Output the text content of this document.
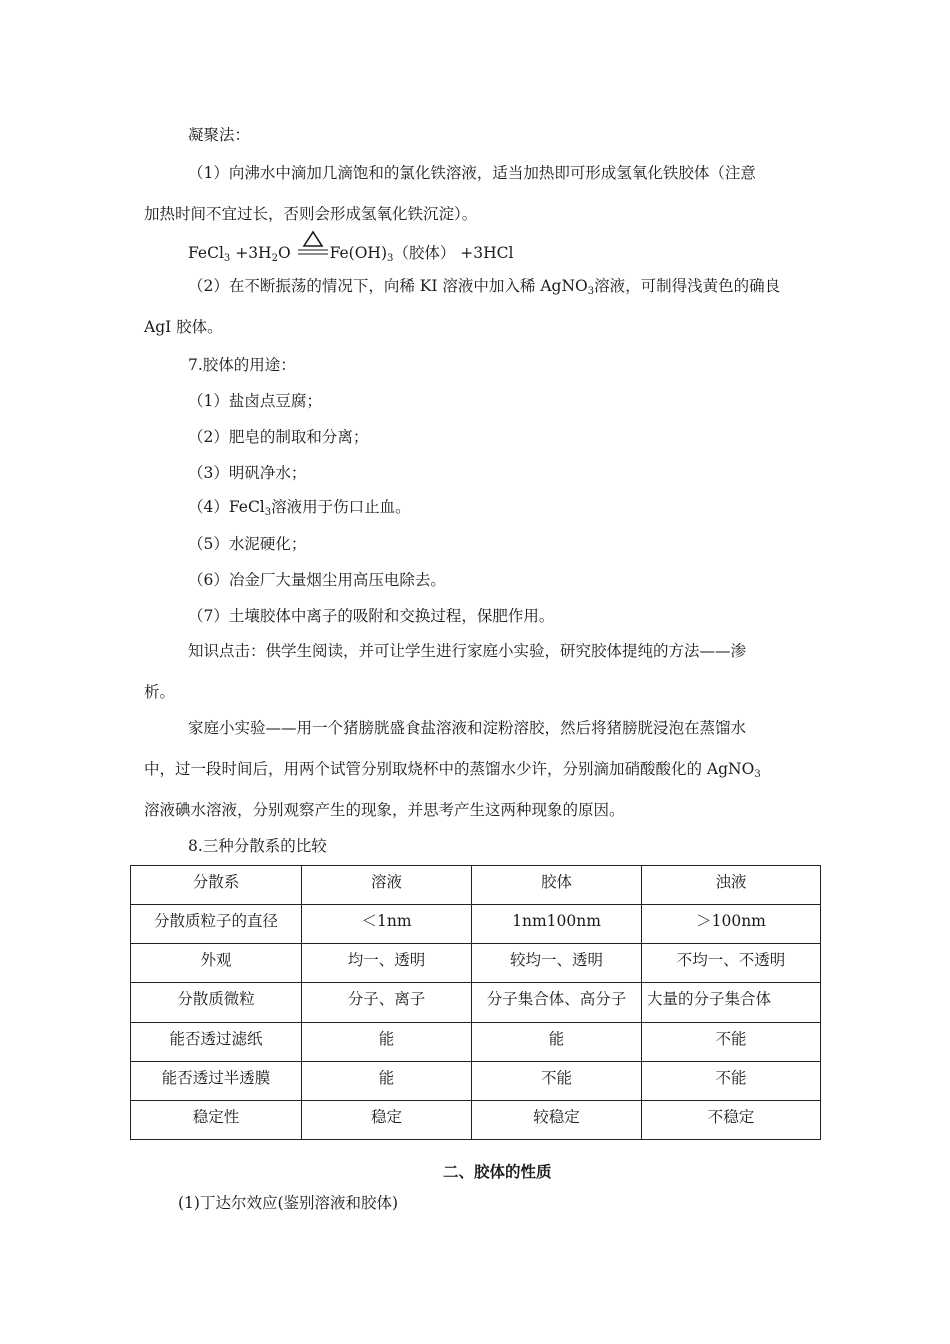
凝聚法：
（1）向沸水中滴加几滴饱和的氯化铁溶液，适当加热即可形成氢氧化铁胶体（注意
加热时间不宜过长，否则会形成氢氧化铁沉淀）。
FeCl$_3$ $+3H_2O$
$Fe(OH)_3$（胶体） +3HCl
（2）在不断振荡的情况下，向稀 KI 溶液中加入稀 AgNO$_3$溶液，可制得浅黄色的确良
AgI 胶体。
7.胶体的用途：
（1）盐卤点豆腐；
（2）肥皂的制取和分离；
（3）明矾净水；
（4）FeCl$_3$溶液用于伤口止血。
（5）水泥硬化；
（6）冶金厂大量烟尘用高压电除去。
（7）土壤胶体中离子的吸附和交换过程，保肥作用。
知识点击：供学生阅读，并可让学生进行家庭小实验，研究胶体提纯的方法——渗
析。
家庭小实验——用一个猪膀胱盛食盐溶液和淀粉溶胶，然后将猪膀胱浸泡在蒸馏水
中，过一段时间后，用两个试管分别取烧杯中的蒸馏水少许，分别滴加硝酸酸化的 AgNO$_3$
溶液碘水溶液，分别观察产生的现象，并思考产生这两种现象的原因。
8.三种分散系的比较
分散系	溶液	胶体	浊液
分散质粒子的直径	＜1nm	1nm100nm	＞100nm
外观	均一、透明	较均一、透明	不均一、不透明
分散质微粒	分子、离子	分子集合体、高分子	大量的分子集合体
能否透过滤纸	能	能	不能
能否透过半透膜	能	不能	不能
稳定性	稳定	较稳定	不稳定
二、胶体的性质
(1)丁达尔效应(鉴别溶液和胶体)
